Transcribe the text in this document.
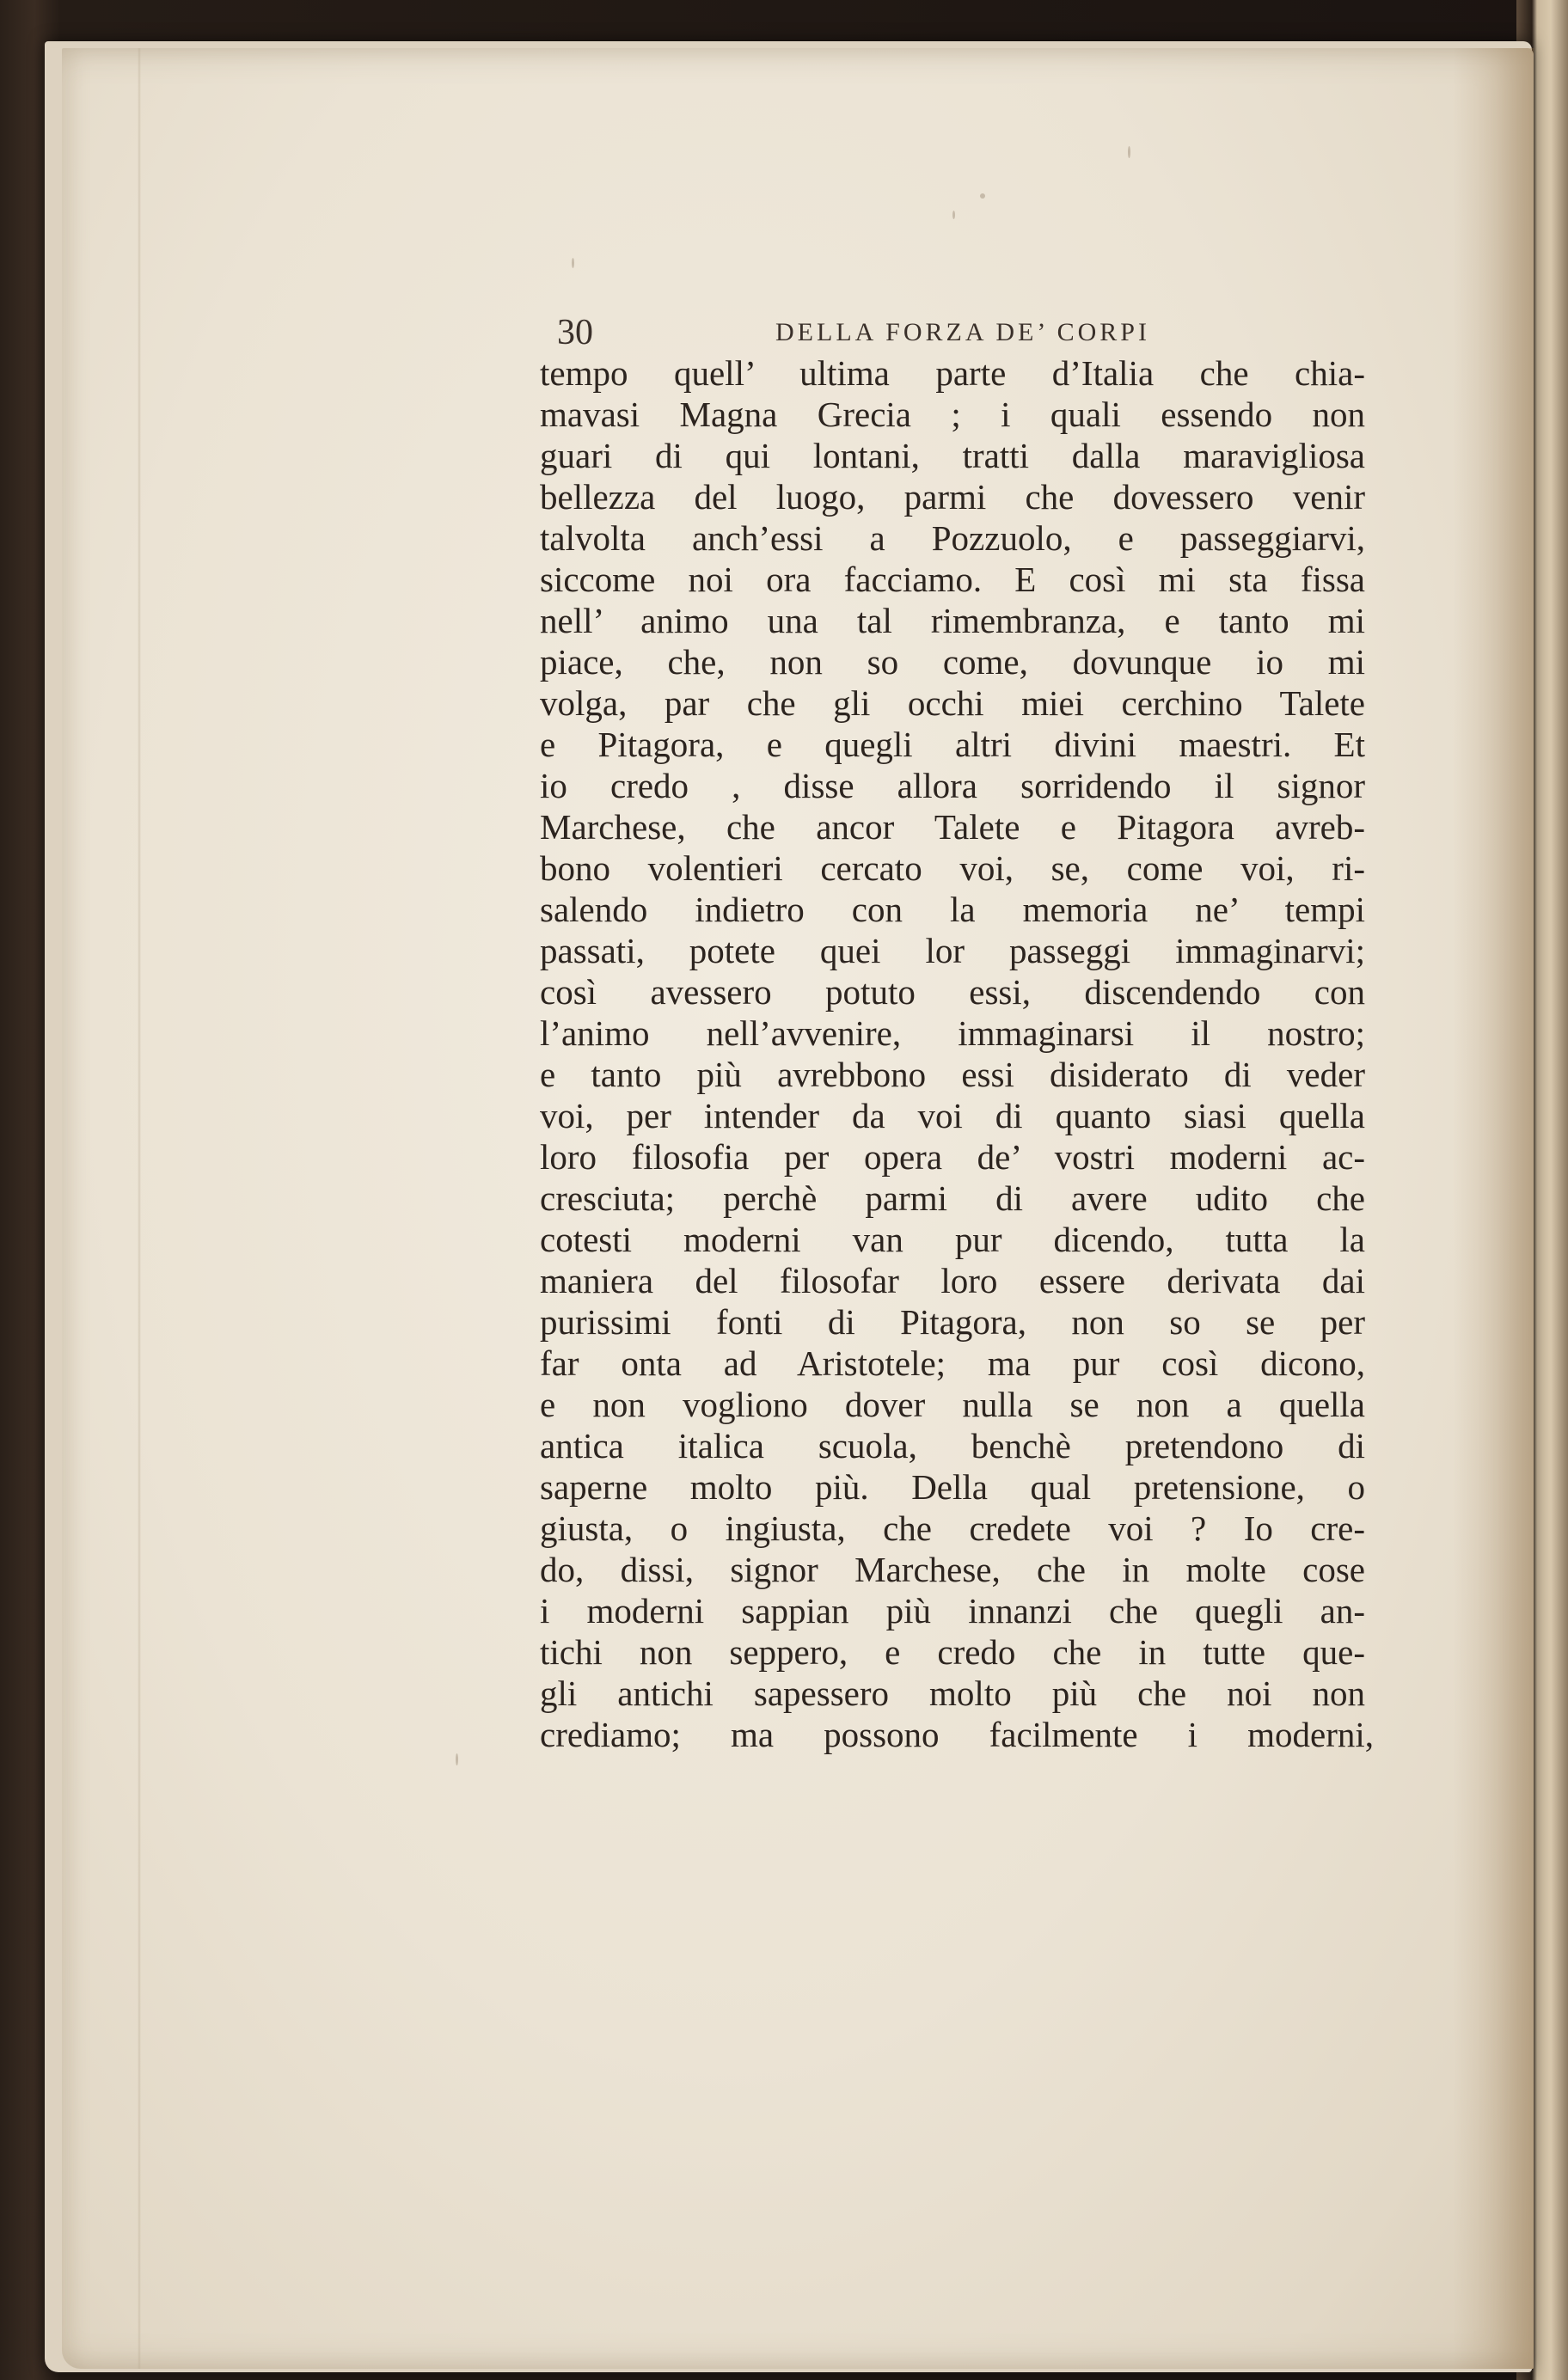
30	DELLA FORZA DE’ CORPI
tempo quell’ ultima parte d’Italia che chia-
mavasi Magna Grecia ; i quali essendo non
guari di qui lontani, tratti dalla maravigliosa
bellezza del luogo, parmi che dovessero venir
talvolta anch’essi a Pozzuolo, e passeggiarvi,
siccome noi ora facciamo. E così mi sta fissa
nell’ animo una tal rimembranza, e tanto mi
piace, che, non so come, dovunque io mi
volga, par che gli occhi miei cerchino Talete
e Pitagora, e quegli altri divini maestri. Et
io credo , disse allora sorridendo il signor
Marchese, che ancor Talete e Pitagora avreb-
bono volentieri cercato voi, se, come voi, ri-
salendo indietro con la memoria ne’ tempi
passati, potete quei lor passeggi immaginarvi;
così avessero potuto essi, discendendo con
l’animo nell’avvenire, immaginarsi il nostro;
e tanto più avrebbono essi disiderato di veder
voi, per intender da voi di quanto siasi quella
loro filosofia per opera de’ vostri moderni ac-
cresciuta; perchè parmi di avere udito che
cotesti moderni van pur dicendo, tutta la
maniera del filosofar loro essere derivata dai
purissimi fonti di Pitagora, non so se per
far onta ad Aristotele; ma pur così dicono,
e non vogliono dover nulla se non a quella
antica italica scuola, benchè pretendono di
saperne molto più. Della qual pretensione, o
giusta, o ingiusta, che credete voi ? Io cre-
do, dissi, signor Marchese, che in molte cose
i moderni sappian più innanzi che quegli an-
tichi non seppero, e credo che in tutte que-
gli antichi sapessero molto più che noi non
crediamo; ma possono facilmente i moderni,
